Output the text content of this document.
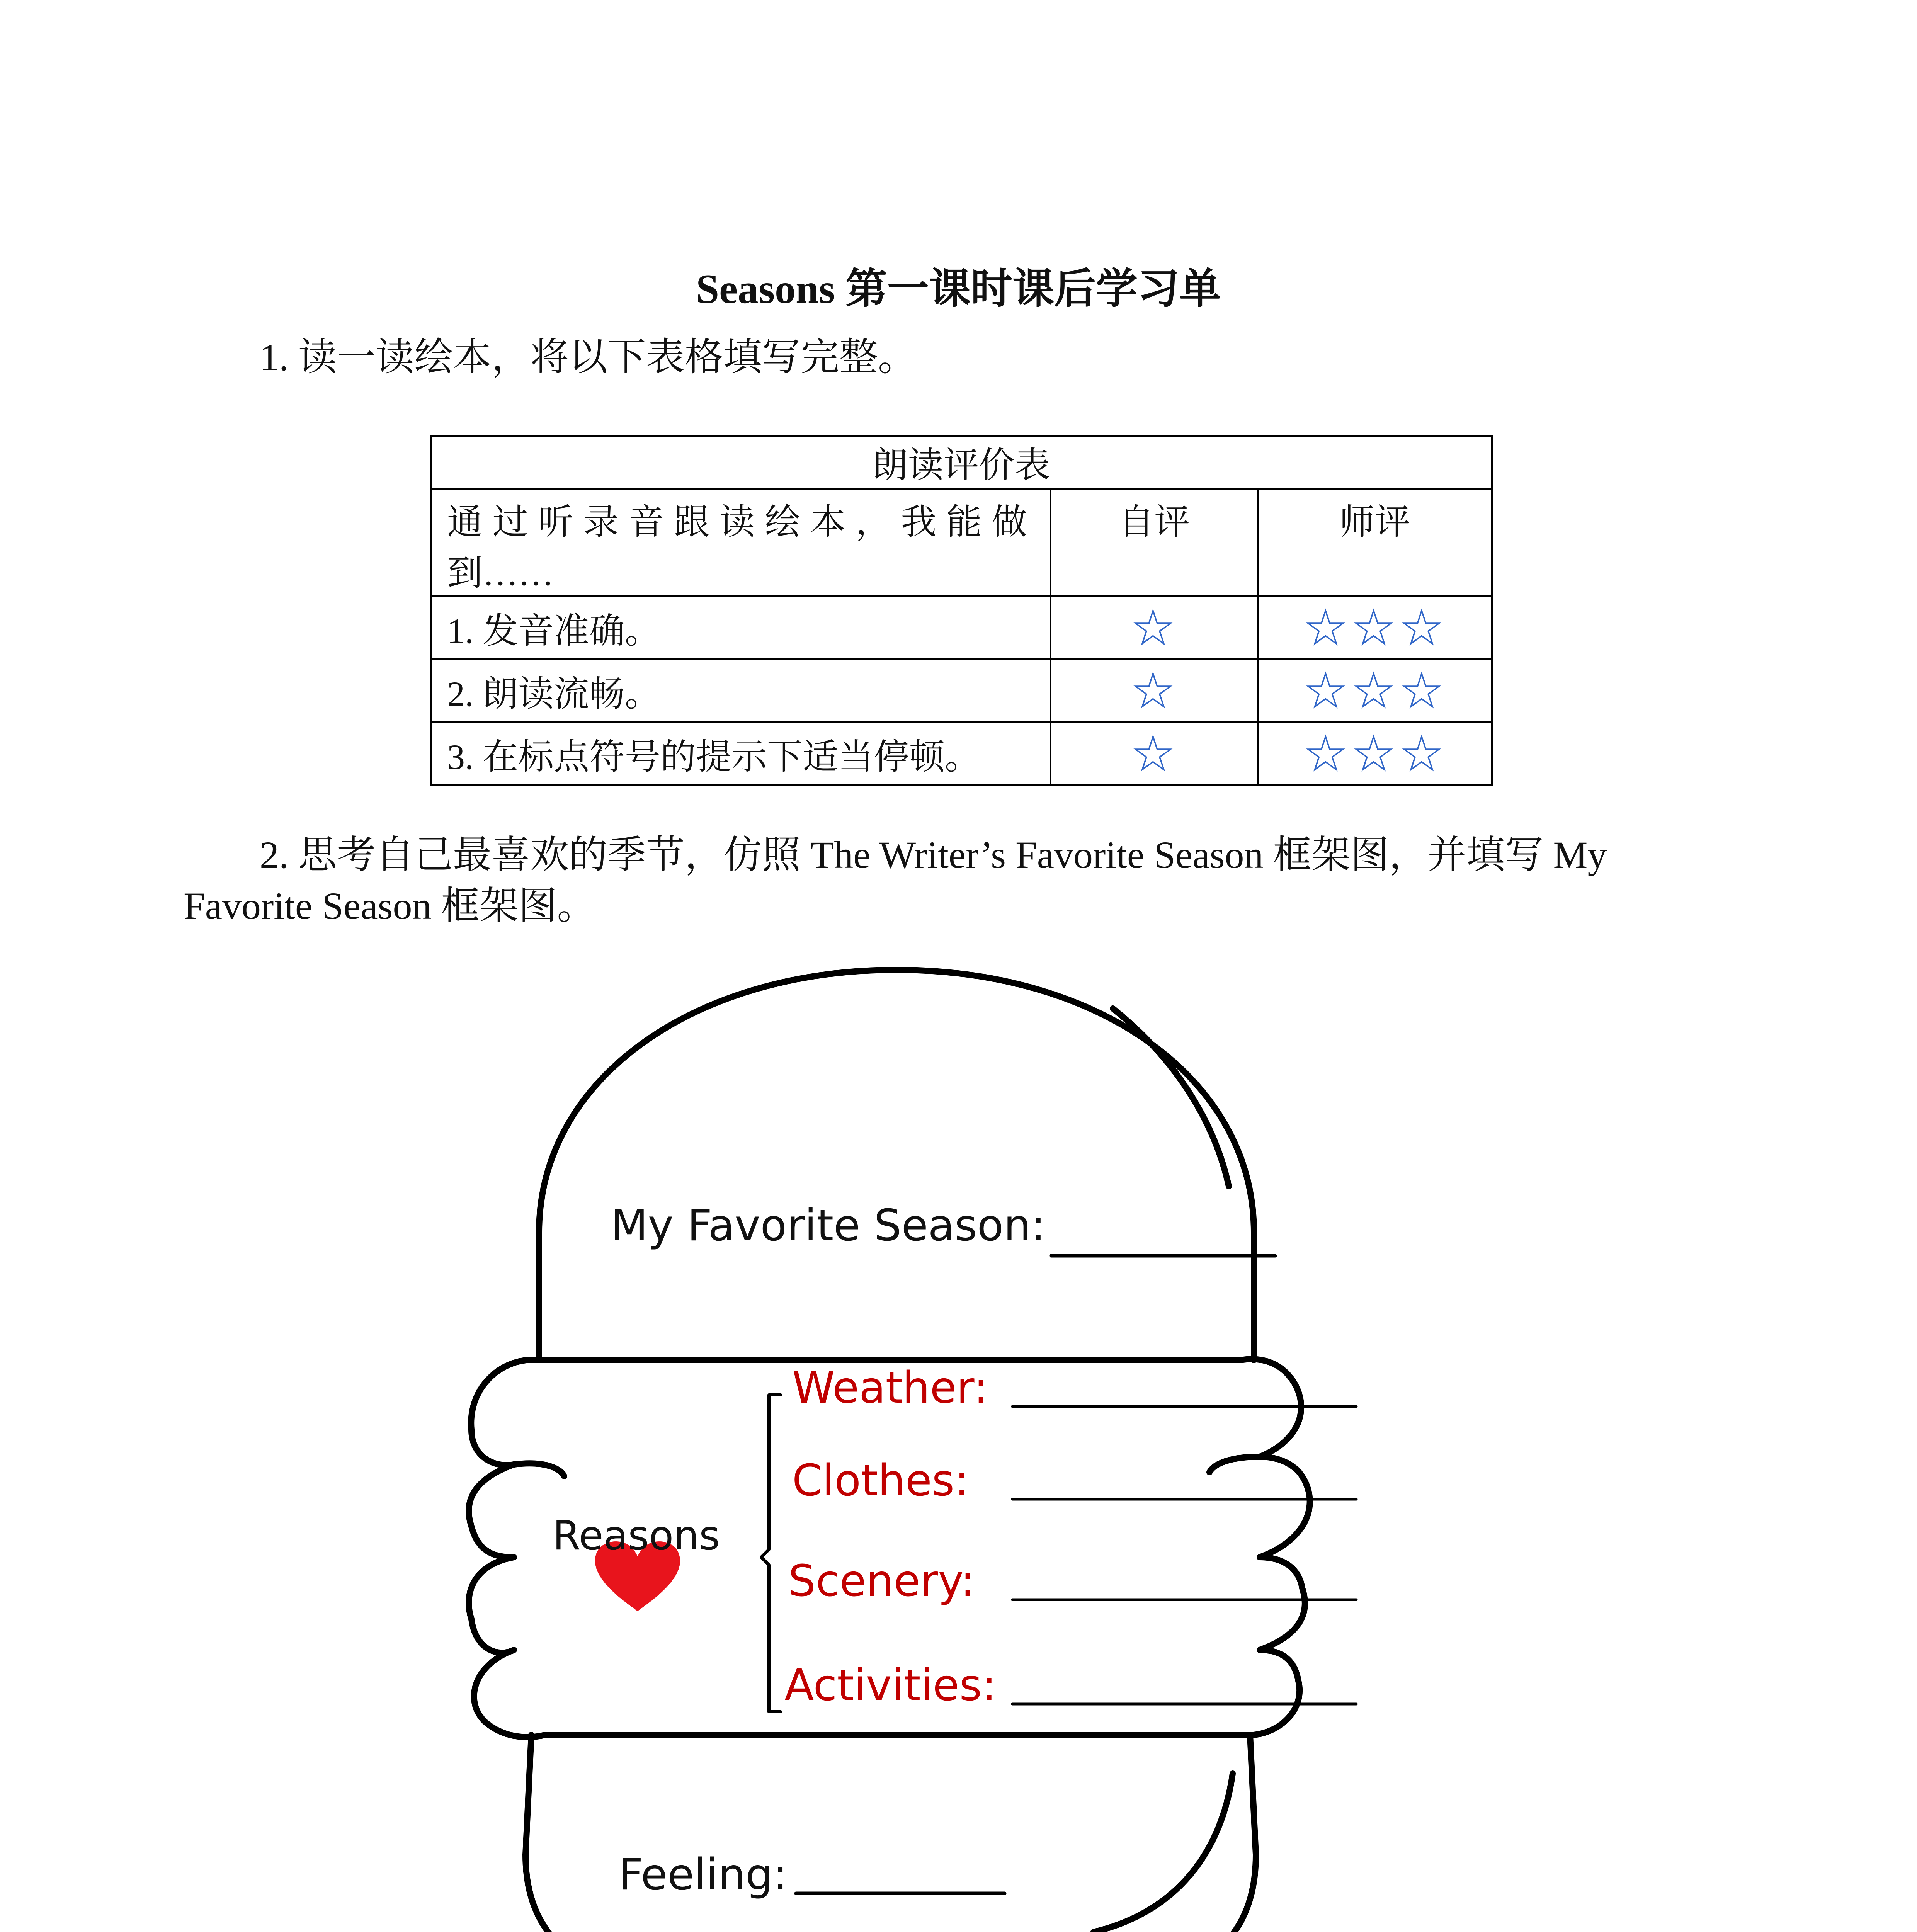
Seasons 第一课时课后学习单
1. 读一读绘本，将以下表格填写完整。
朗读评价表		

通过听录音跟读绘本，我能做
到……	自评	师评
1. 发音准确。	☆	☆☆☆
2. 朗读流畅。	☆	☆☆☆
3. 在标点符号的提示下适当停顿。	☆	☆☆☆
2. 思考自己最喜欢的季节，仿照 The Writer’s Favorite Season 框架图，并填写 My
Favorite Season 框架图。
My Favorite Season:
Reasons
Weather:
Clothes:
Scenery:
Activities:
Feeling:
